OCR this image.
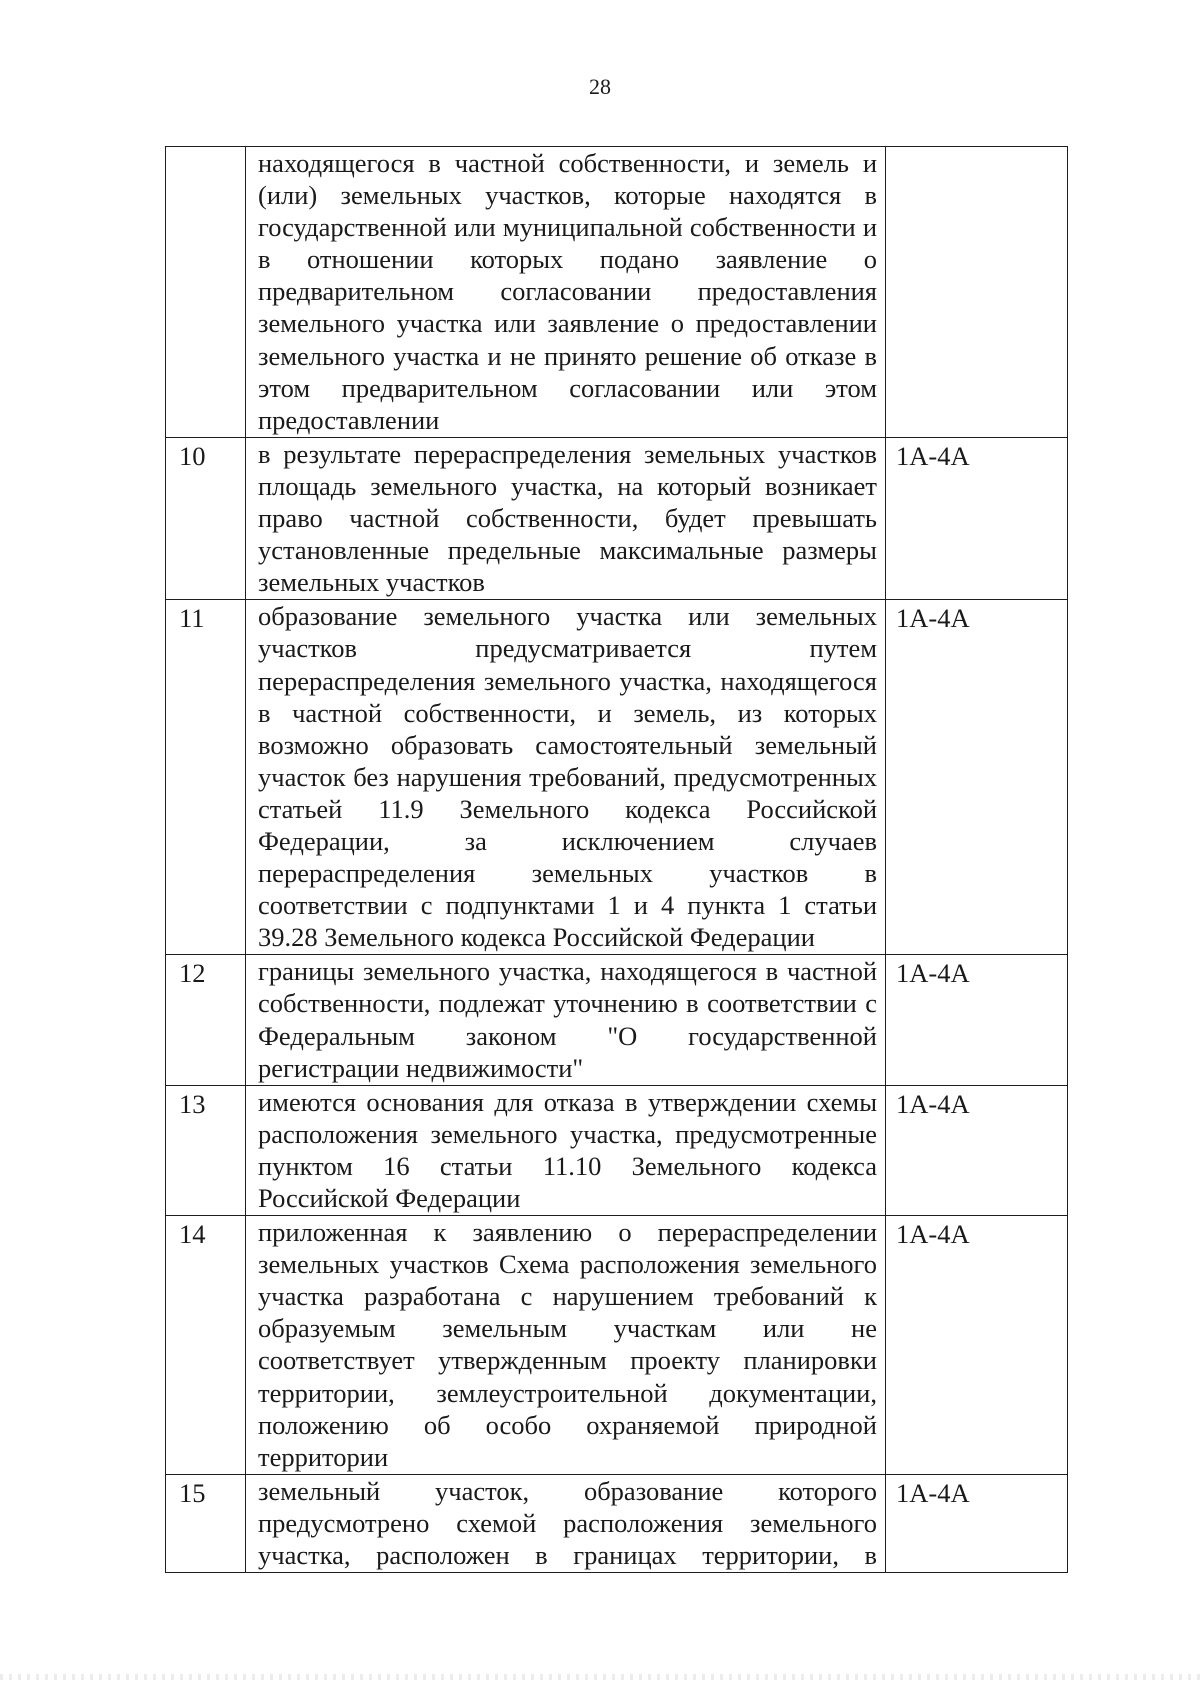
28

	находящегося в частной собственности, и земель и (или) земельных участков, которые находятся в государственной или муниципальной собственности и в отношении которых подано заявление о предварительном согласовании предоставления земельного участка или заявление о предоставлении земельного участка и не принято решение об отказе в этом предварительном согласовании или этом предоставлении	

10	в результате перераспределения земельных участков площадь земельного участка, на который возникает право частной собственности, будет превышать установленные предельные максимальные размеры земельных участков	1А-4А
11	образование земельного участка или земельных участков предусматривается путем перераспределения земельного участка, находящегося в частной собственности, и земель, из которых возможно образовать самостоятельный земельный участок без нарушения требований, предусмотренных статьей 11.9 Земельного кодекса Российской Федерации, за исключением случаев перераспределения земельных участков в соответствии с подпунктами 1 и 4 пункта 1 статьи 39.28 Земельного кодекса Российской Федерации	1А-4А
12	границы земельного участка, находящегося в частной собственности, подлежат уточнению в соответствии с Федеральным законом "О государственной регистрации недвижимости"	1А-4А
13	имеются основания для отказа в утверждении схемы расположения земельного участка, предусмотренные пунктом 16 статьи 11.10 Земельного кодекса Российской Федерации	1А-4А
14	приложенная к заявлению о перераспределении земельных участков Схема расположения земельного участка разработана с нарушением требований к образуемым земельным участкам или не соответствует утвержденным проекту планировки территории, землеустроительной документации, положению об особо охраняемой природной территории	1А-4А
15	земельный участок, образование которого предусмотрено схемой расположения земельного участка, расположен в границах территории, в	1А-4А
